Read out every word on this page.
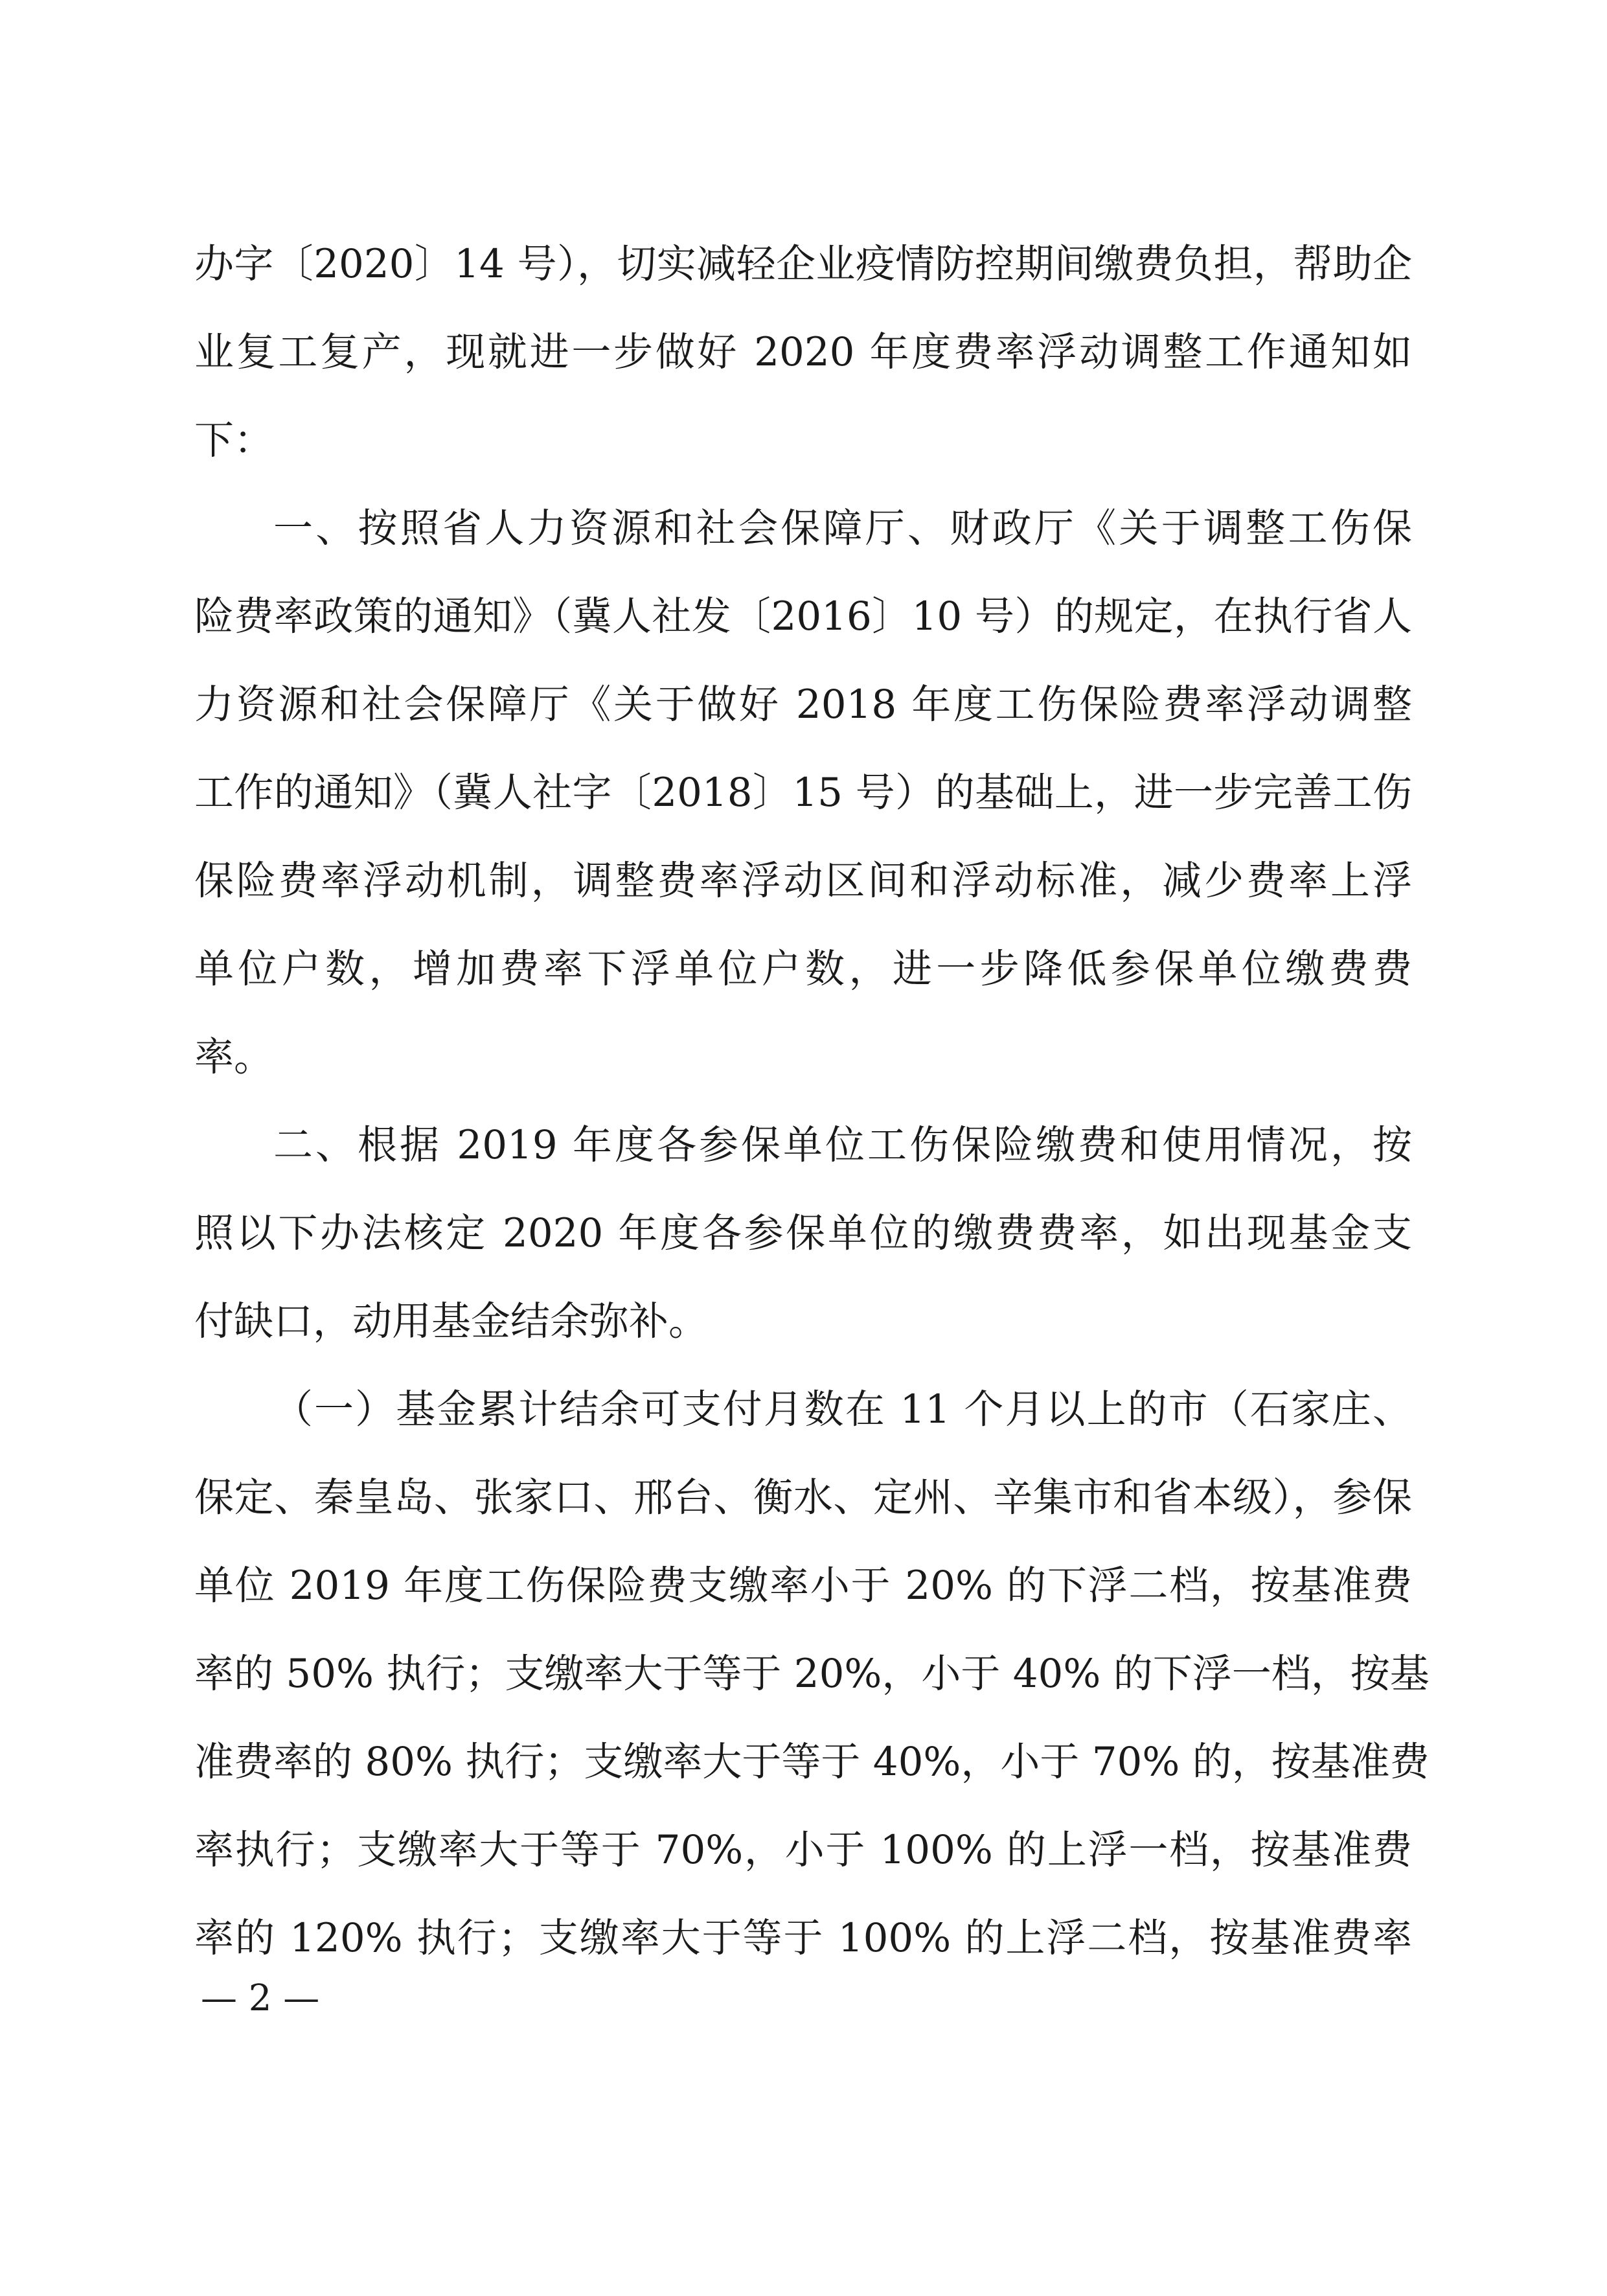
办字〔2020〕14 号），切实减轻企业疫情防控期间缴费负担，帮助企
业复工复产，现就进一步做好 2020 年度费率浮动调整工作通知如
下：
一、按照省人力资源和社会保障厅、财政厅《关于调整工伤保
险费率政策的通知》（冀人社发〔2016〕10 号）的规定，在执行省人
力资源和社会保障厅《关于做好 2018 年度工伤保险费率浮动调整
工作的通知》（冀人社字〔2018〕15 号）的基础上，进一步完善工伤
保险费率浮动机制，调整费率浮动区间和浮动标准，减少费率上浮
单位户数，增加费率下浮单位户数，进一步降低参保单位缴费费
率。
二、根据 2019 年度各参保单位工伤保险缴费和使用情况，按
照以下办法核定 2020 年度各参保单位的缴费费率，如出现基金支
付缺口，动用基金结余弥补。
（一）基金累计结余可支付月数在 11 个月以上的市（石家庄、
保定、秦皇岛、张家口、邢台、衡水、定州、辛集市和省本级），参保
单位 2019 年度工伤保险费支缴率小于 20% 的下浮二档，按基准费
率的 50% 执行；支缴率大于等于 20%，小于 40% 的下浮一档，按基
准费率的 80% 执行；支缴率大于等于 40%，小于 70% 的，按基准费
率执行；支缴率大于等于 70%，小于 100% 的上浮一档，按基准费
率的 120% 执行；支缴率大于等于 100% 的上浮二档，按基准费率
— 2 —
